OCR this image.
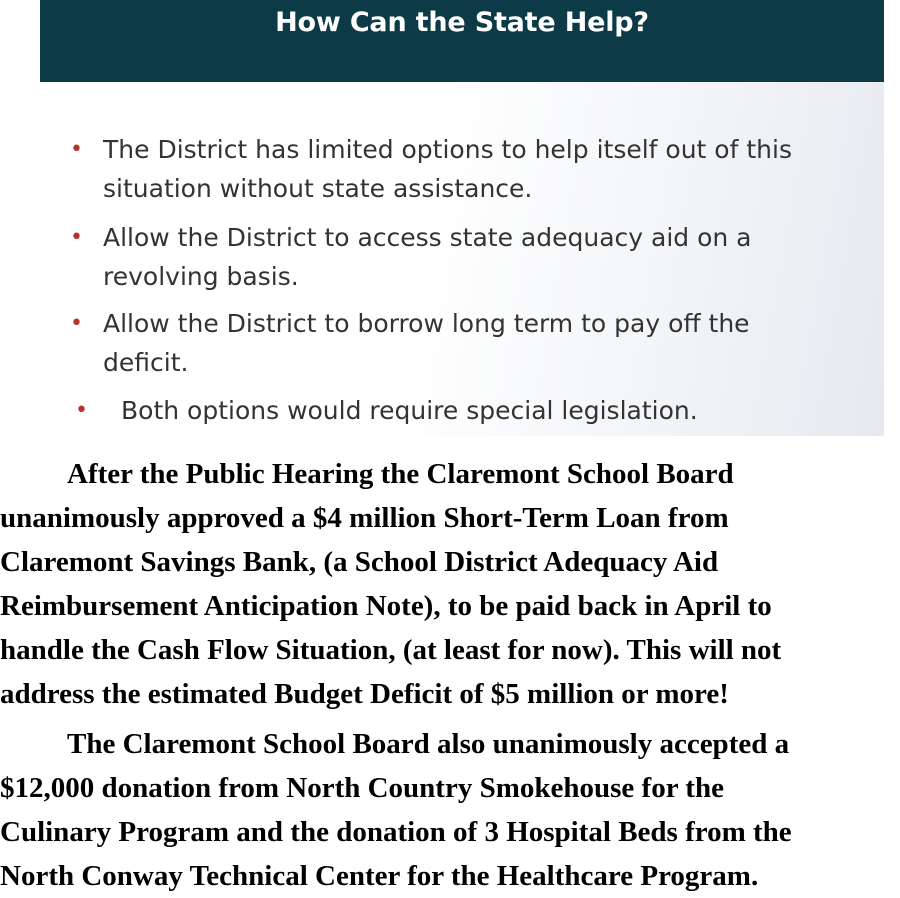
How Can the State Help?
• The District has limited options to help itself out of this
situation without state assistance.
• Allow the District to access state adequacy aid on a
revolving basis.
• Allow the District to borrow long term to pay off the
deficit.
• Both options would require special legislation.
After the Public Hearing the Claremont School Board
unanimously approved a $4 million Short-Term Loan from
Claremont Savings Bank, (a School District Adequacy Aid
Reimbursement Anticipation Note), to be paid back in April to
handle the Cash Flow Situation, (at least for now). This will not
address the estimated Budget Deficit of $5 million or more!
The Claremont School Board also unanimously accepted a
$12,000 donation from North Country Smokehouse for the
Culinary Program and the donation of 3 Hospital Beds from the
North Conway Technical Center for the Healthcare Program.
